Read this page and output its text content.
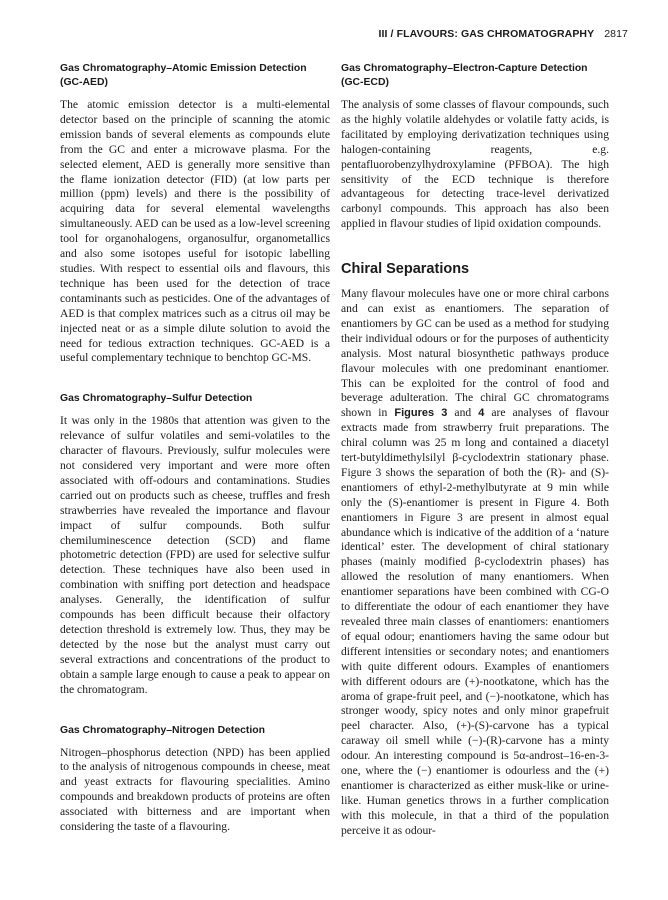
III / FLAVOURS: GAS CHROMATOGRAPHY 2817
Gas Chromatography–Atomic Emission Detection (GC-AED)

The atomic emission detector is a multi-elemental detector based on the principle of scanning the atomic emission bands of several elements as compounds elute from the GC and enter a microwave plasma. For the selected element, AED is generally more sensitive than the flame ionization detector (FID) (at low parts per million (ppm) levels) and there is the possibility of acquiring data for several elemental wavelengths simultaneously. AED can be used as a low-level screening tool for organohalogens, organosulfur, organometallics and also some isotopes useful for isotopic labelling studies. With respect to essential oils and flavours, this technique has been used for the detection of trace contaminants such as pesticides. One of the advantages of AED is that complex matrices such as a citrus oil may be injected neat or as a simple dilute solution to avoid the need for tedious extraction techniques. GC-AED is a useful complementary technique to benchtop GC-MS.

Gas Chromatography–Sulfur Detection

It was only in the 1980s that attention was given to the relevance of sulfur volatiles and semi-volatiles to the character of flavours. Previously, sulfur molecules were not considered very important and were more often associated with off-odours and contaminations. Studies carried out on products such as cheese, truffles and fresh strawberries have revealed the importance and flavour impact of sulfur compounds. Both sulfur chemiluminescence detection (SCD) and flame photometric detection (FPD) are used for selective sulfur detection. These techniques have also been used in combination with sniffing port detection and headspace analyses. Generally, the identification of sulfur compounds has been difficult because their olfactory detection threshold is extremely low. Thus, they may be detected by the nose but the analyst must carry out several extractions and concentrations of the product to obtain a sample large enough to cause a peak to appear on the chromatogram.

Gas Chromatography–Nitrogen Detection

Nitrogen–phosphorus detection (NPD) has been applied to the analysis of nitrogenous compounds in cheese, meat and yeast extracts for flavouring specialities. Amino compounds and breakdown products of proteins are often associated with bitterness and are important when considering the taste of a flavouring.

Gas Chromatography–Electron-Capture Detection (GC-ECD)

The analysis of some classes of flavour compounds, such as the highly volatile aldehydes or volatile fatty acids, is facilitated by employing derivatization techniques using halogen-containing reagents, e.g. pentafluorobenzylhydroxylamine (PFBOA). The high sensitivity of the ECD technique is therefore advantageous for detecting trace-level derivatized carbonyl compounds. This approach has also been applied in flavour studies of lipid oxidation compounds.

Chiral Separations

Many flavour molecules have one or more chiral carbons and can exist as enantiomers. The separation of enantiomers by GC can be used as a method for studying their individual odours or for the purposes of authenticity analysis. Most natural biosynthetic pathways produce flavour molecules with one predominant enantiomer. This can be exploited for the control of food and beverage adulteration. The chiral GC chromatograms shown in Figures 3 and 4 are analyses of flavour extracts made from strawberry fruit preparations. The chiral column was 25 m long and contained a diacetyl tert-butyldimethylsilyl β-cyclodextrin stationary phase. Figure 3 shows the separation of both the (R)- and (S)-enantiomers of ethyl-2-methylbutyrate at 9 min while only the (S)-enantiomer is present in Figure 4. Both enantiomers in Figure 3 are present in almost equal abundance which is indicative of the addition of a ‘nature identical’ ester. The development of chiral stationary phases (mainly modified β-cyclodextrin phases) has allowed the resolution of many enantiomers. When enantiomer separations have been combined with CG-O to differentiate the odour of each enantiomer they have revealed three main classes of enantiomers: enantiomers of equal odour; enantiomers having the same odour but different intensities or secondary notes; and enantiomers with quite different odours. Examples of enantiomers with different odours are (+)-nootkatone, which has the aroma of grape-fruit peel, and (−)-nootkatone, which has stronger woody, spicy notes and only minor grapefruit peel character. Also, (+)-(S)-carvone has a typical caraway oil smell while (−)-(R)-carvone has a minty odour. An interesting compound is 5α-androst–16-en-3-one, where the (−) enantiomer is odourless and the (+) enantiomer is characterized as either musk-like or urine-like. Human genetics throws in a further complication with this molecule, in that a third of the population perceive it as odour-
